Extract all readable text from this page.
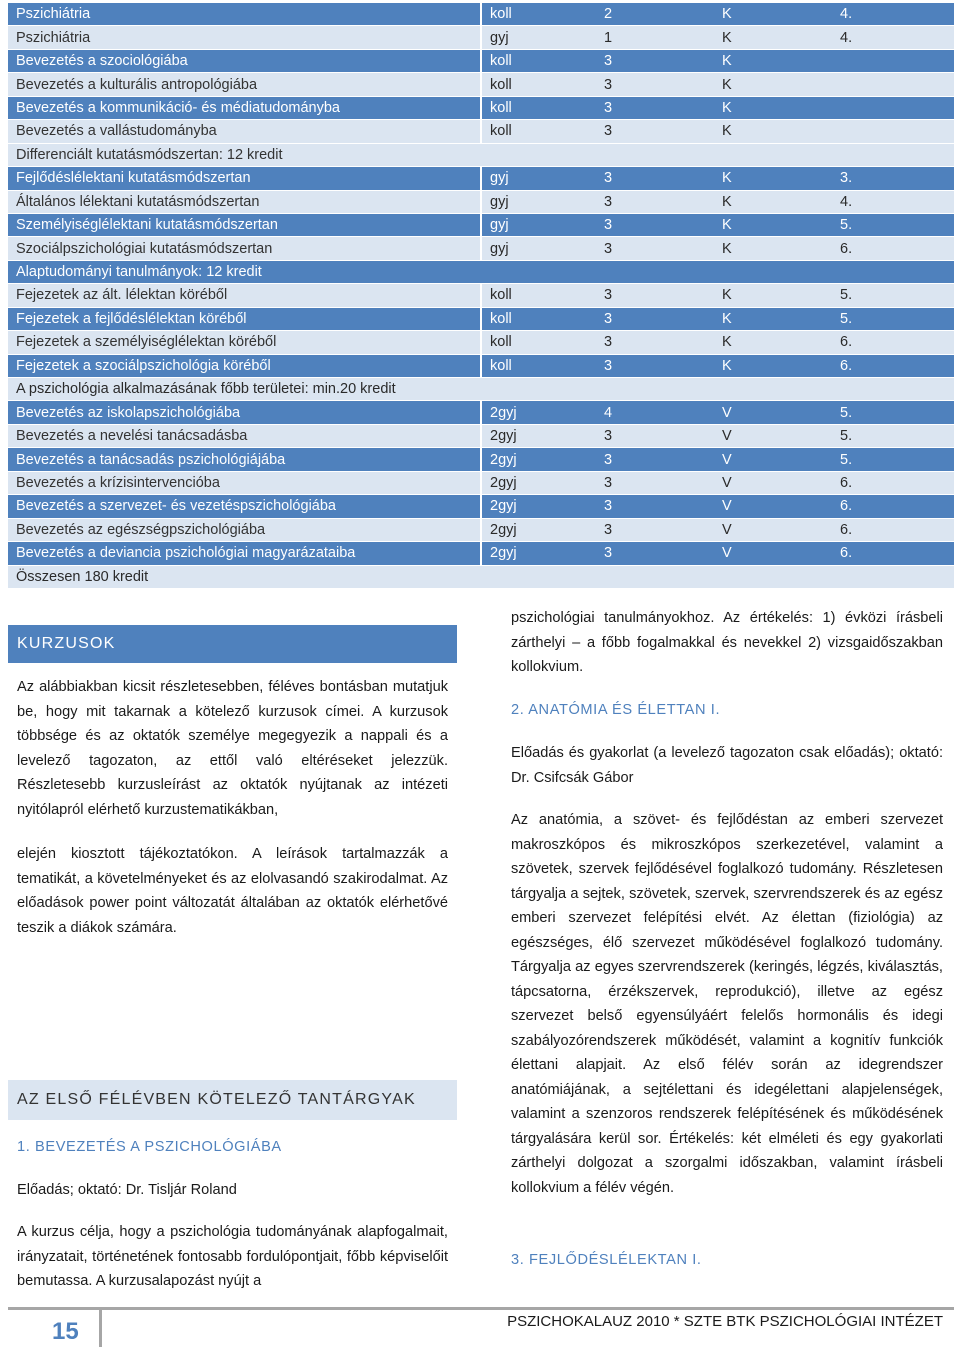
Pszichiátria	koll	2	K	4.
Pszichiátria	gyj	1	K	4.
Bevezetés a szociológiába	koll	3	K	
Bevezetés a kulturális antropológiába	koll	3	K	
Bevezetés a kommunikáció- és médiatudományba	koll	3	K	
Bevezetés a vallástudományba	koll	3	K	
Differenciált kutatásmódszertan: 12 kredit				
Fejlődéslélektani kutatásmódszertan	gyj	3	K	3.
Általános lélektani kutatásmódszertan	gyj	3	K	4.
Személyiséglélektani kutatásmódszertan	gyj	3	K	5.
Szociálpszichológiai kutatásmódszertan	gyj	3	K	6.
Alaptudományi tanulmányok: 12 kredit				
Fejezetek az ált. lélektan köréből	koll	3	K	5.
Fejezetek a fejlődéslélektan köréből	koll	3	K	5.
Fejezetek a személyiséglélektan köréből	koll	3	K	6.
Fejezetek a szociálpszichológia köréből	koll	3	K	6.
A pszichológia alkalmazásának főbb területei: min.20 kredit				
Bevezetés az iskolapszichológiába	2gyj	4	V	5.
Bevezetés a nevelési tanácsadásba	2gyj	3	V	5.
Bevezetés a tanácsadás pszichológiájába	2gyj	3	V	5.
Bevezetés a krízisintervencióba	2gyj	3	V	6.
Bevezetés a szervezet- és vezetéspszichológiába	2gyj	3	V	6.
Bevezetés az egészségpszichológiába	2gyj	3	V	6.
Bevezetés a deviancia pszichológiai magyarázataiba	2gyj	3	V	6.
Összesen 180 kredit				
KURZUSOK
Az alábbiakban kicsit részletesebben, féléves bontásban mutatjuk be, hogy mit takarnak a kötelező kurzusok címei. A kurzusok többsége és az oktatók személye megegyezik a nappali és a levelező tagozaton, az ettől való eltéréseket jelezzük. Részletesebb kurzusleírást az oktatók nyújtanak az intézeti nyitólapról elérhető kurzustematikákban,
elején kiosztott tájékoztatókon. A leírások tartalmazzák a tematikát, a követelményeket és az elolvasandó szakirodalmat. Az előadások power point változatát általában az oktatók elérhetővé teszik a diákok számára.
AZ ELSŐ FÉLÉVBEN KÖTELEZŐ TANTÁRGYAK
1. BEVEZETÉS A PSZICHOLÓGIÁBA
Előadás; oktató: Dr. Tisljár Roland
A kurzus célja, hogy a pszichológia tudományának alapfogalmait, irányzatait, történetének fontosabb fordulópontjait, főbb képviselőit bemutassa. A kurzusalapozást nyújt a
pszichológiai tanulmányokhoz. Az értékelés: 1) évközi írásbeli zárthelyi – a főbb fogalmakkal és nevekkel 2) vizsgaidőszakban kollokvium.
2. ANATÓMIA ÉS ÉLETTAN I.
Előadás és gyakorlat (a levelező tagozaton csak előadás); oktató: Dr. Csifcsák Gábor
Az anatómia, a szövet- és fejlődéstan az emberi szervezet makroszkópos és mikroszkópos szerkezetével, valamint a szövetek, szervek fejlődésével foglalkozó tudomány. Részletesen tárgyalja a sejtek, szövetek, szervek, szervrendszerek és az egész emberi szervezet felépítési elvét. Az élettan (fiziológia) az egészséges, élő szervezet működésével foglalkozó tudomány. Tárgyalja az egyes szervrendszerek (keringés, légzés, kiválasztás, tápcsatorna, érzékszervek, reprodukció), illetve az egész szervezet belső egyensúlyáért felelős hormonális és idegi szabályozórendszerek működését, valamint a kognitív funkciók élettani alapjait. Az első félév során az idegrendszer anatómiájának, a sejtélettani és idegélettani alapjelenségek, valamint a szenzoros rendszerek felépítésének és működésének tárgyalására kerül sor. Értékelés: két elméleti és egy gyakorlati zárthelyi dolgozat a szorgalmi időszakban, valamint írásbeli kollokvium a félév végén.
3. FEJLŐDÉSLÉLEKTAN I.
15	PSZICHOKALAUZ 2010 * SZTE BTK PSZICHOLÓGIAI INTÉZET
